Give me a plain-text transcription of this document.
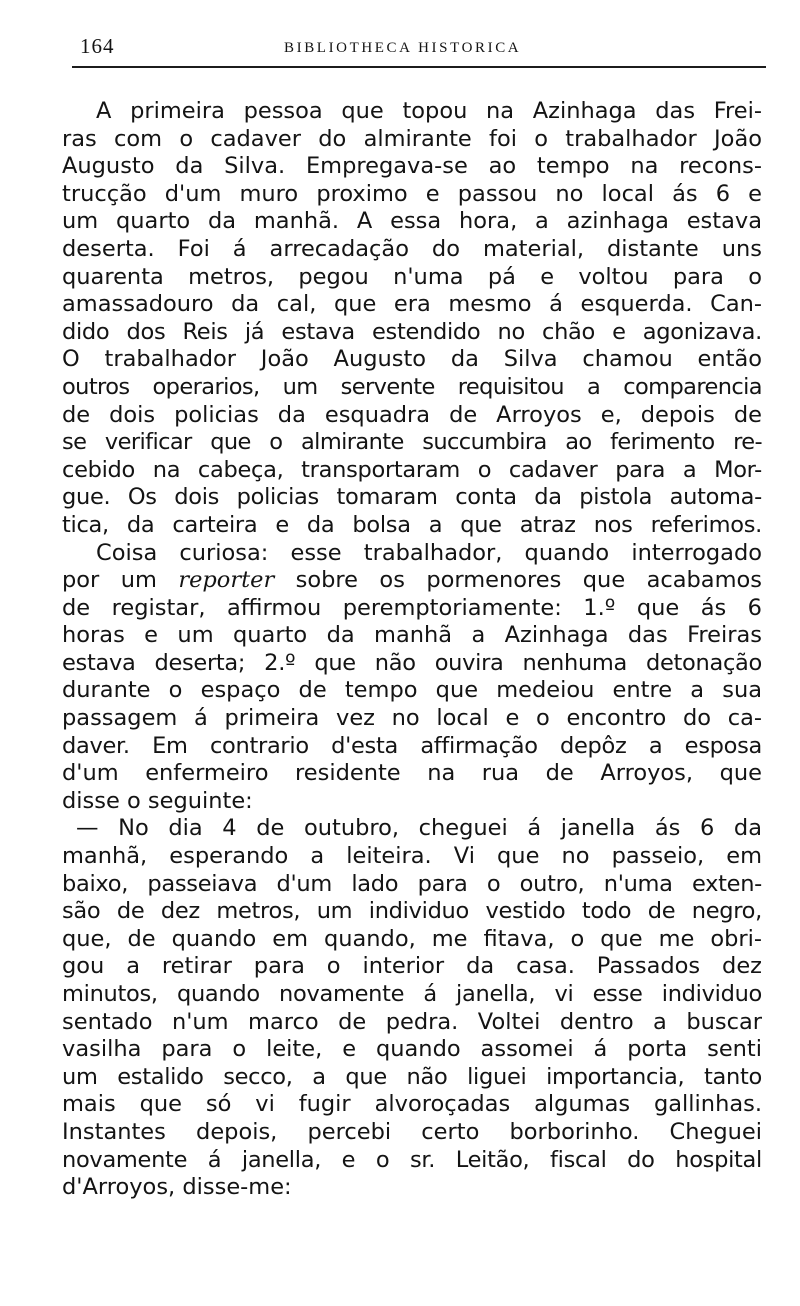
164	BIBLIOTHECA HISTORICA
A primeira pessoa que topou na Azinhaga das Frei-
ras com o cadaver do almirante foi o trabalhador João
Augusto da Silva. Empregava-se ao tempo na recons-
trucção d'um muro proximo e passou no local ás 6 e
um quarto da manhã. A essa hora, a azinhaga estava
deserta. Foi á arrecadação do material, distante uns
quarenta metros, pegou n'uma pá e voltou para o
amassadouro da cal, que era mesmo á esquerda. Can-
dido dos Reis já estava estendido no chão e agonizava.
O trabalhador João Augusto da Silva chamou então
outros operarios, um servente requisitou a comparencia
de dois policias da esquadra de Arroyos e, depois de
se verificar que o almirante succumbira ao ferimento re-
cebido na cabeça, transportaram o cadaver para a Mor-
gue. Os dois policias tomaram conta da pistola automa-
tica, da carteira e da bolsa a que atraz nos referimos.
Coisa curiosa: esse trabalhador, quando interrogado
por um reporter sobre os pormenores que acabamos
de registar, affirmou peremptoriamente: 1.º que ás 6
horas e um quarto da manhã a Azinhaga das Freiras
estava deserta; 2.º que não ouvira nenhuma detonação
durante o espaço de tempo que medeiou entre a sua
passagem á primeira vez no local e o encontro do ca-
daver. Em contrario d'esta affirmação depôz a esposa
d'um enfermeiro residente na rua de Arroyos, que
disse o seguinte:
— No dia 4 de outubro, cheguei á janella ás 6 da
manhã, esperando a leiteira. Vi que no passeio, em
baixo, passeiava d'um lado para o outro, n'uma exten-
são de dez metros, um individuo vestido todo de negro,
que, de quando em quando, me fitava, o que me obri-
gou a retirar para o interior da casa. Passados dez
minutos, quando novamente á janella, vi esse individuo
sentado n'um marco de pedra. Voltei dentro a buscar
vasilha para o leite, e quando assomei á porta senti
um estalido secco, a que não liguei importancia, tanto
mais que só vi fugir alvoroçadas algumas gallinhas.
Instantes depois, percebi certo borborinho. Cheguei
novamente á janella, e o sr. Leitão, fiscal do hospital
d'Arroyos, disse-me:
